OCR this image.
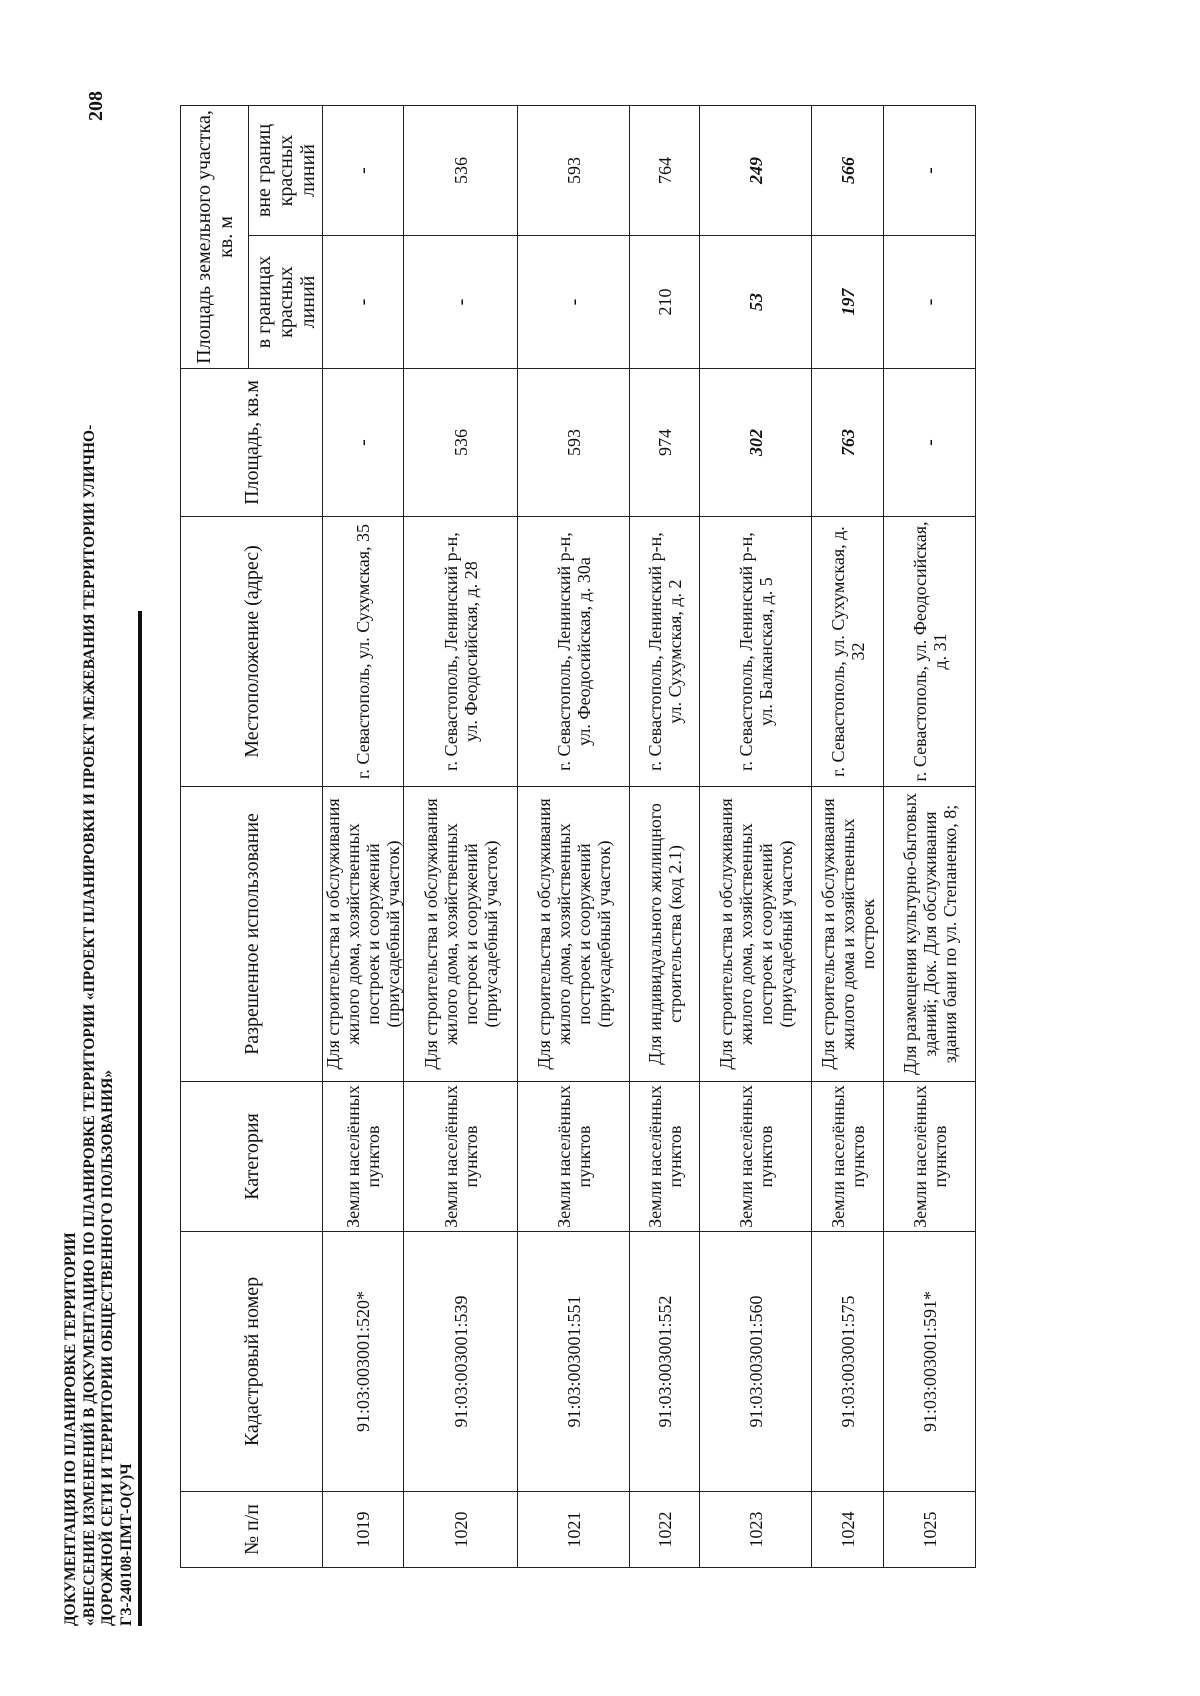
ДОКУМЕНТАЦИЯ ПО ПЛАНИРОВКЕ ТЕРРИТОРИИ «ВНЕСЕНИЕ ИЗМЕНЕНИЙ В ДОКУМЕНТАЦИЮ ПО ПЛАНИРОВКЕ ТЕРРИТОРИИ «ПРОЕКТ ПЛАНИРОВКИ И ПРОЕКТ МЕЖЕВАНИЯ ТЕРРИТОРИИ УЛИЧНО- ДОРОЖНОЙ СЕТИ И ТЕРРИТОРИИ ОБЩЕСТВЕННОГО ПОЛЬЗОВАНИЯ» ГЗ-240108-ПМТ-О(У)Ч
208
№ п/п	Кадастровый номер	Категория	Разрешенное использование	Местоположение (адрес)	Площадь, кв.м	Площадь земельного участка, кв. м	
						в границах красных линий	вне границ красных линий
1019	91:03:003001:520*	Земли населённых пунктов	Для строительства и обслуживания жилого дома, хозяйственных построек и сооружений (приусадебный участок)	г. Севастополь, ул. Сухумская, 35	-	-	-
1020	91:03:003001:539	Земли населённых пунктов	Для строительства и обслуживания жилого дома, хозяйственных построек и сооружений (приусадебный участок)	г. Севастополь, Ленинский р-н, ул. Феодосийская, д. 28	536	-	536
1021	91:03:003001:551	Земли населённых пунктов	Для строительства и обслуживания жилого дома, хозяйственных построек и сооружений (приусадебный участок)	г. Севастополь, Ленинский р-н, ул. Феодосийская, д. 30а	593	-	593
1022	91:03:003001:552	Земли населённых пунктов	Для индивидуального жилищного строительства (код 2.1)	г. Севастополь, Ленинский р-н, ул. Сухумская, д. 2	974	210	764
1023	91:03:003001:560	Земли населённых пунктов	Для строительства и обслуживания жилого дома, хозяйственных построек и сооружений (приусадебный участок)	г. Севастополь, Ленинский р-н, ул. Балканская, д. 5	302	53	249
1024	91:03:003001:575	Земли населённых пунктов	Для строительства и обслуживания жилого дома и хозяйственных построек	г. Севастополь, ул. Сухумская, д. 32	763	197	566
1025	91:03:003001:591*	Земли населённых пунктов	Для размещения культурно-бытовых зданий; Док. Для обслуживания здания бани по ул. Степаненко, 8;	г. Севастополь, ул. Феодосийская, д. 31	-	-	-
